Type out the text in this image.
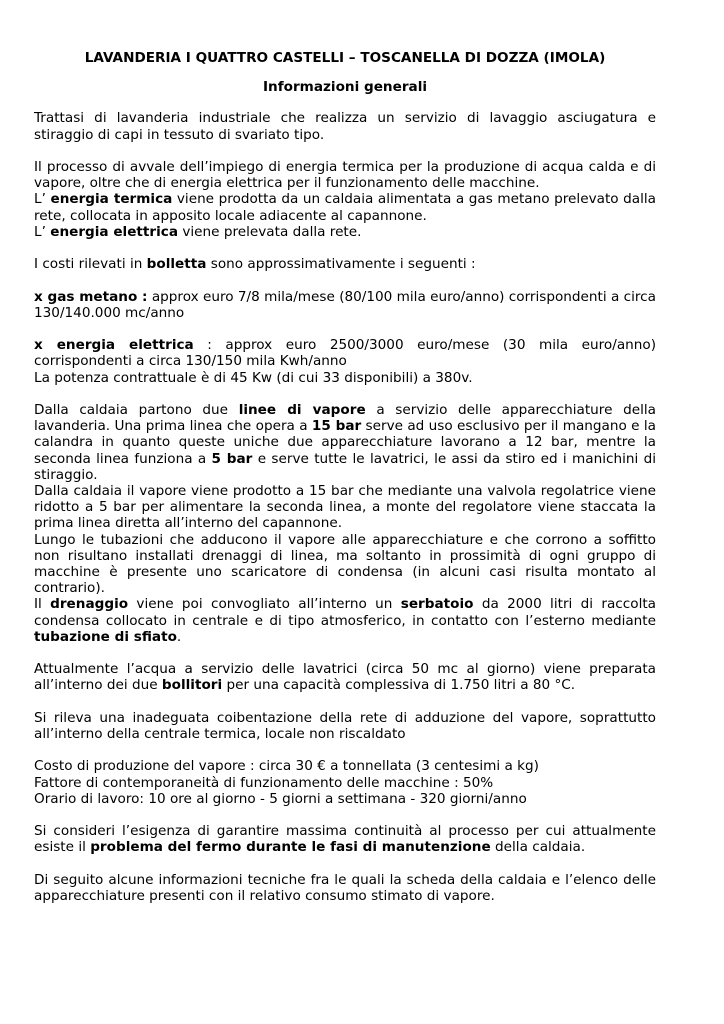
LAVANDERIA I QUATTRO CASTELLI – TOSCANELLA DI DOZZA (IMOLA)
Informazioni generali

Trattasi di lavanderia industriale che realizza un servizio di lavaggio asciugatura e stiraggio di capi in tessuto di svariato tipo.

Il processo di avvale dell’impiego di energia termica per la produzione di acqua calda e di vapore, oltre che di energia elettrica per il funzionamento delle macchine.
L’ energia termica viene prodotta da un caldaia alimentata a gas metano prelevato dalla rete, collocata in apposito locale adiacente al capannone.
L’ energia elettrica viene prelevata dalla rete.

I costi rilevati in bolletta sono approssimativamente i seguenti :

x gas metano : approx euro 7/8 mila/mese (80/100 mila euro/anno) corrispondenti a circa 130/140.000 mc/anno

x energia elettrica : approx euro 2500/3000 euro/mese (30 mila euro/anno) corrispondenti a circa 130/150 mila Kwh/anno
La potenza contrattuale è di 45 Kw (di cui 33 disponibili) a 380v.

Dalla caldaia partono due linee di vapore a servizio delle apparecchiature della lavanderia. Una prima linea che opera a 15 bar serve ad uso esclusivo per il mangano e la calandra in quanto queste uniche due apparecchiature lavorano a 12 bar, mentre la seconda linea funziona a 5 bar e serve tutte le lavatrici, le assi da stiro ed i manichini di stiraggio.
Dalla caldaia il vapore viene prodotto a 15 bar che mediante una valvola regolatrice viene ridotto a 5 bar per alimentare la seconda linea, a monte del regolatore viene staccata la prima linea diretta all’interno del capannone.
Lungo le tubazioni che adducono il vapore alle apparecchiature e che corrono a soffitto non risultano installati drenaggi di linea, ma soltanto in prossimità di ogni gruppo di macchine è presente uno scaricatore di condensa (in alcuni casi risulta montato al contrario).
Il drenaggio viene poi convogliato all’interno un serbatoio da 2000 litri di raccolta condensa collocato in centrale e di tipo atmosferico, in contatto con l’esterno mediante tubazione di sfiato.

Attualmente l’acqua a servizio delle lavatrici (circa 50 mc al giorno) viene preparata all’interno dei due bollitori per una capacità complessiva di 1.750 litri a 80 °C.

Si rileva una inadeguata coibentazione della rete di adduzione del vapore, soprattutto all’interno della centrale termica, locale non riscaldato

Costo di produzione del vapore : circa 30 € a tonnellata (3 centesimi a kg)
Fattore di contemporaneità di funzionamento delle macchine : 50%
Orario di lavoro: 10 ore al giorno - 5 giorni a settimana - 320 giorni/anno

Si consideri l’esigenza di garantire massima continuità al processo per cui attualmente esiste il problema del fermo durante le fasi di manutenzione della caldaia.

Di seguito alcune informazioni tecniche fra le quali la scheda della caldaia e l’elenco delle apparecchiature presenti con il relativo consumo stimato di vapore.
